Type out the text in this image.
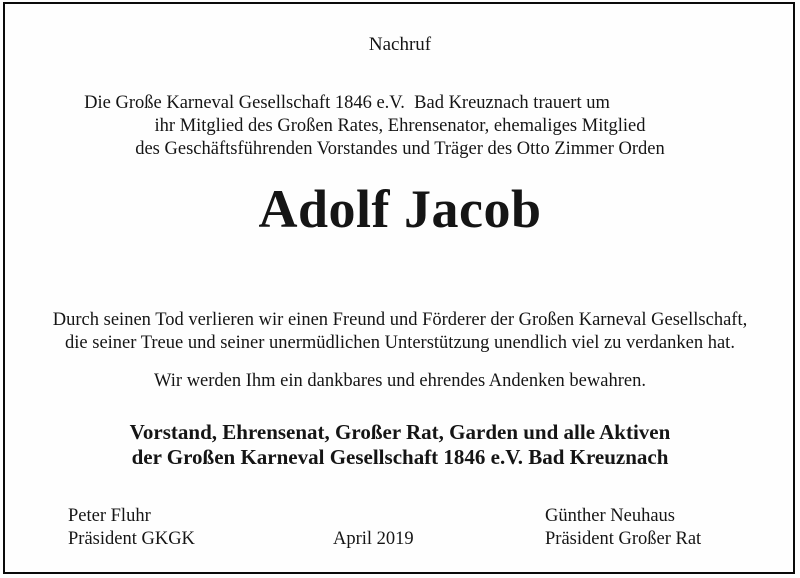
Nachruf
Die Große Karneval Gesellschaft 1846 e.V.  Bad Kreuznach trauert um
ihr Mitglied des Großen Rates, Ehrensenator, ehemaliges Mitglied
des Geschäftsführenden Vorstandes und Träger des Otto Zimmer Orden
Adolf Jacob
Durch seinen Tod verlieren wir einen Freund und Förderer der Großen Karneval Gesellschaft,
die seiner Treue und seiner unermüdlichen Unterstützung unendlich viel zu verdanken hat.
Wir werden Ihm ein dankbares und ehrendes Andenken bewahren.
Vorstand, Ehrensenat, Großer Rat, Garden und alle Aktiven
der Großen Karneval Gesellschaft 1846 e.V. Bad Kreuznach
Peter Fluhr
Präsident GKGK	April 2019
Günther Neuhaus
Präsident Großer Rat
